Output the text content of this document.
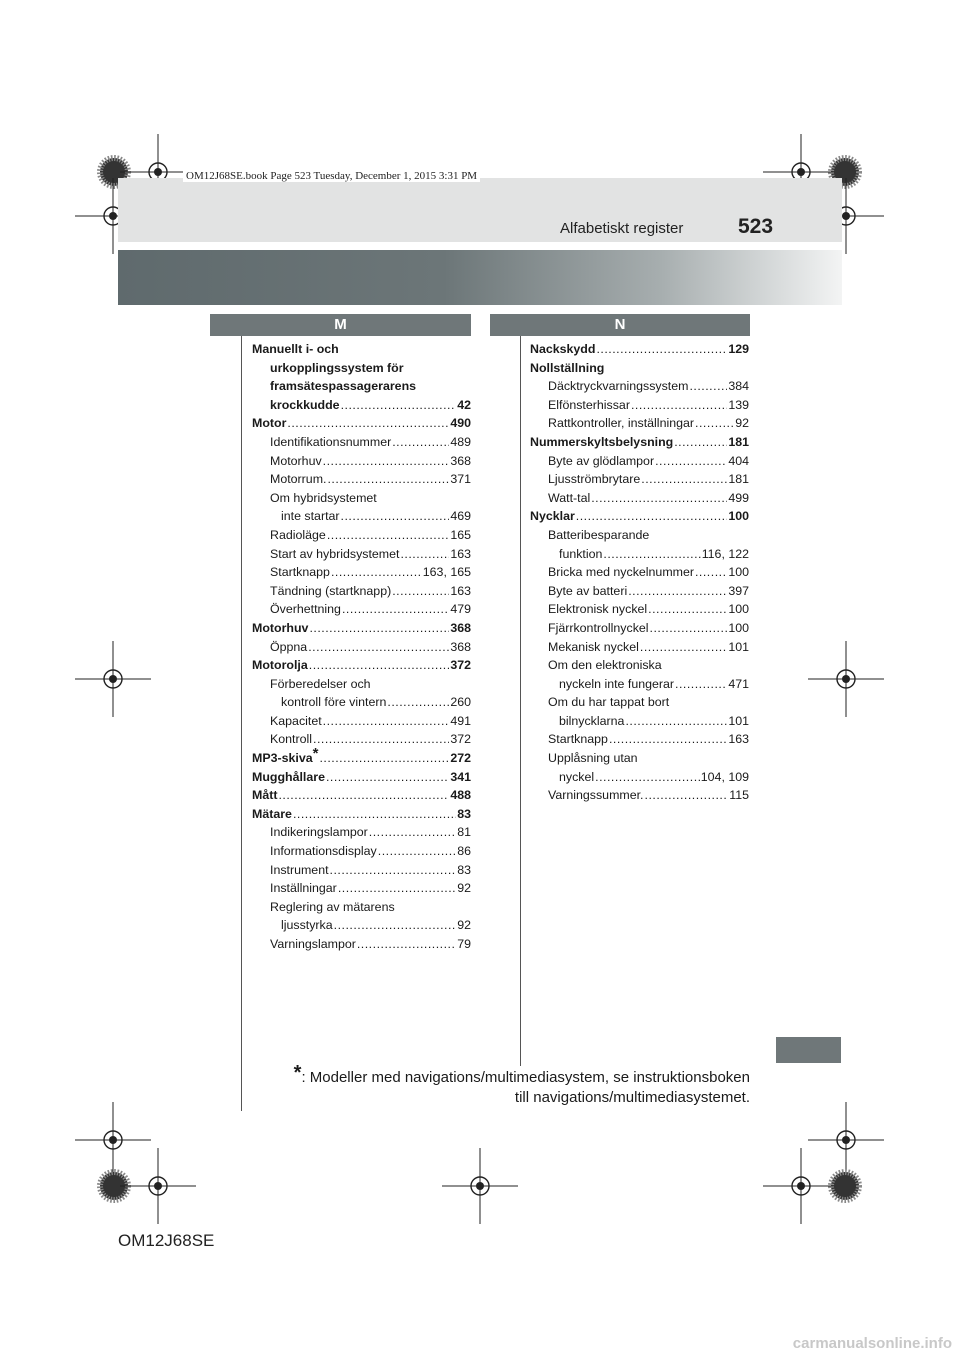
OM12J68SE.book Page 523 Tuesday, December 1, 2015 3:31 PM
Alfabetiskt register	523
M	N
Manuellt i- och
urkopplingssystem för
framsätespassagerarens
krockkudde .....	42
Motor .....	490
Identifikationsnummer .....	489
Motorhuv .....	368
Motorrum. .....	371
Om hybridsystemet
inte startar .....	469
Radioläge .....	165
Start av hybridsystemet .....	163
Startknapp .....	163, 165
Tändning (startknapp) .....	163
Överhettning .....	479
Motorhuv .....	368
Öppna .....	368
Motorolja .....	372
Förberedelser och
kontroll före vintern .....	260
Kapacitet .....	491
Kontroll .....	372
MP3-skiva* .....	272
Mugghållare .....	341
Mått .....	488
Mätare .....	83
Indikeringslampor .....	81
Informationsdisplay .....	86
Instrument .....	83
Inställningar .....	92
Reglering av mätarens
ljusstyrka .....	92
Varningslampor .....	79
Nackskydd .....	129
Nollställning
Däcktryckvarningssystem .....	384
Elfönsterhissar .....	139
Rattkontroller, inställningar .....	92
Nummerskyltsbelysning .....	181
Byte av glödlampor .....	404
Ljusströmbrytare .....	181
Watt-tal .....	499
Nycklar .....	100
Batteribesparande
funktion .....	116, 122
Bricka med nyckelnummer .....	100
Byte av batteri .....	397
Elektronisk nyckel .....	100
Fjärrkontrollnyckel .....	100
Mekanisk nyckel .....	101
Om den elektroniska
nyckeln inte fungerar .....	471
Om du har tappat bort
bilnycklarna .....	101
Startknapp .....	163
Upplåsning utan
nyckel .....	104, 109
Varningssummer. .....	115
*: Modeller med navigations/multimediasystem, se instruktionsboken
till navigations/multimediasystemet.
OM12J68SE
carmanualsonline.info
